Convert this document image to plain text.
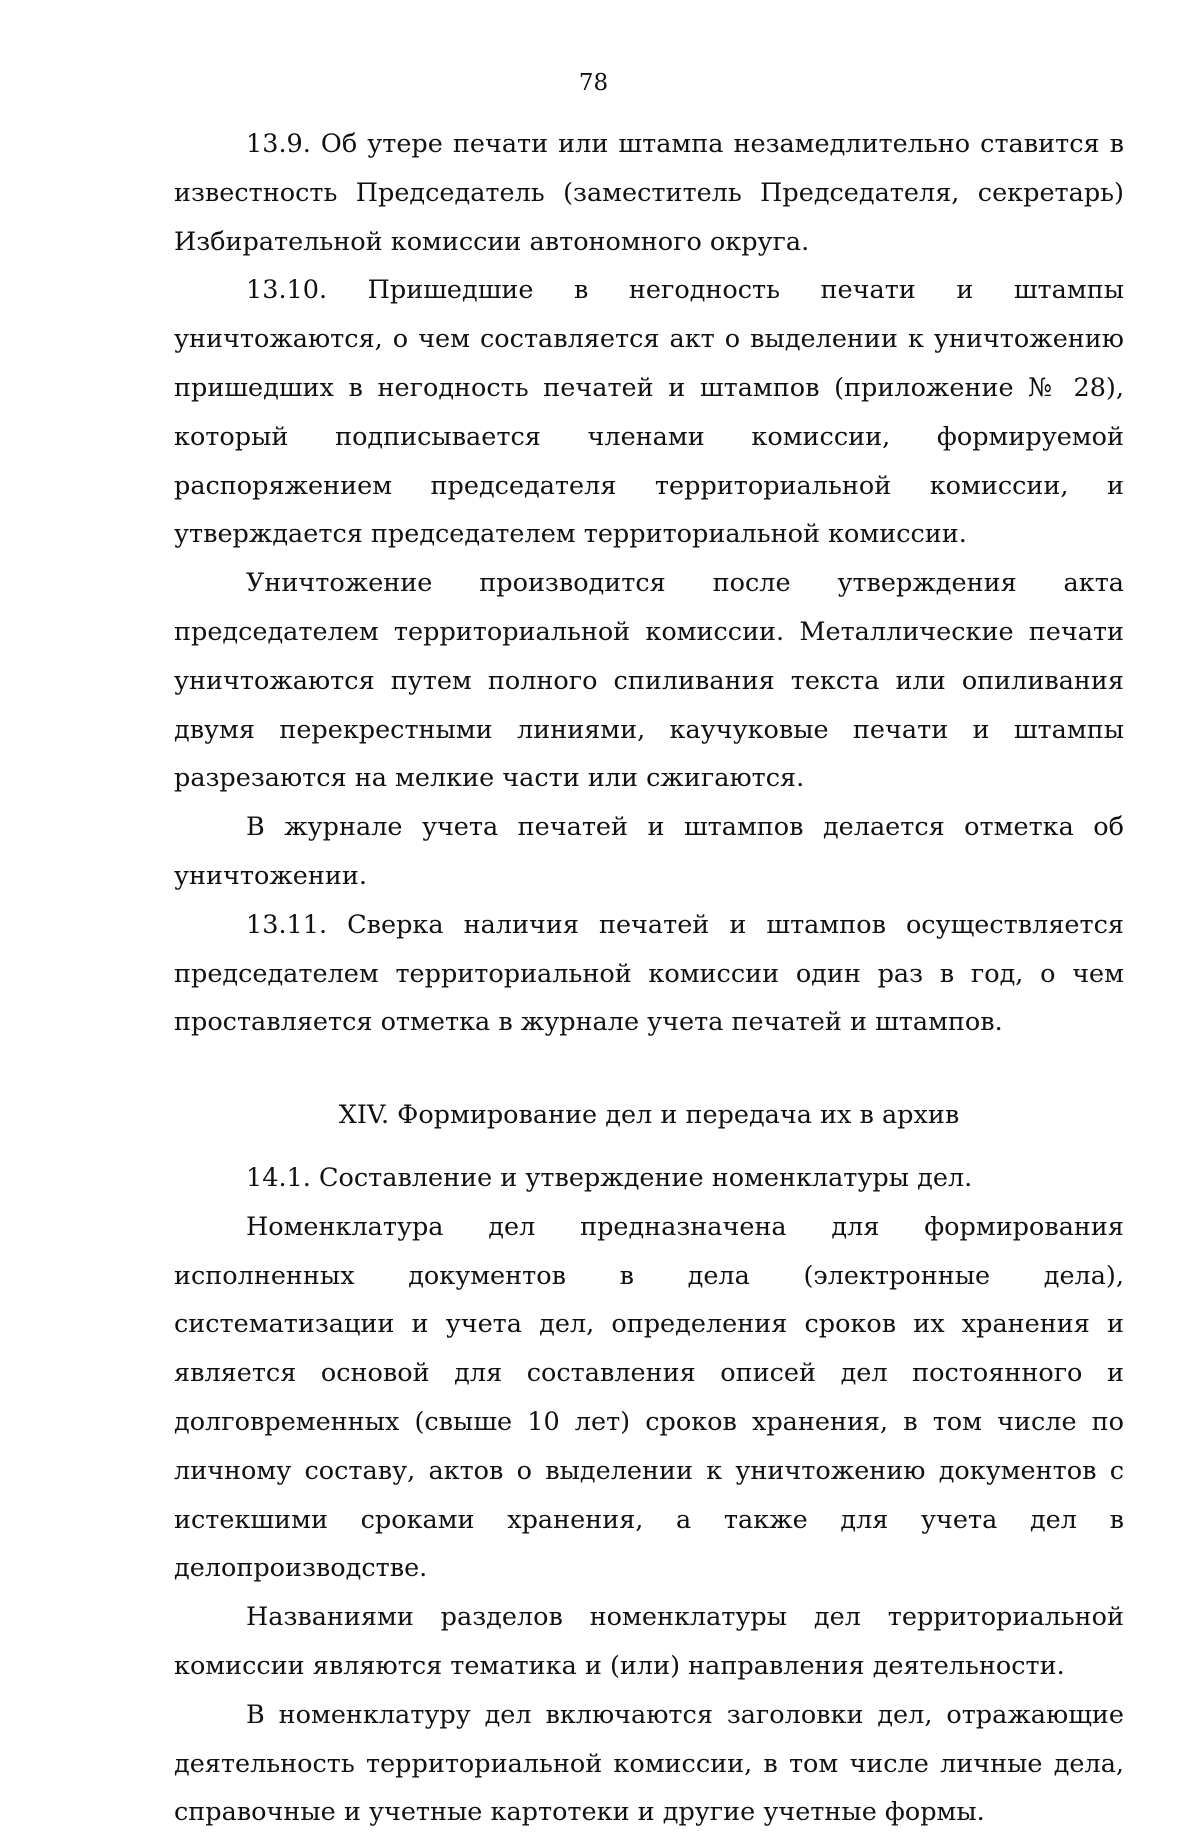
78

13.9. Об утере печати или штампа незамедлительно ставится в известность Председатель (заместитель Председателя, секретарь) Избирательной комиссии автономного округа.

13.10. Пришедшие в негодность печати и штампы уничтожаются, о чем составляется акт о выделении к уничтожению пришедших в негодность печатей и штампов (приложение № 28), который подписывается членами комиссии, формируемой распоряжением председателя территориальной комиссии, и утверждается председателем территориальной комиссии.

Уничтожение производится после утверждения акта председателем территориальной комиссии. Металлические печати уничтожаются путем полного спиливания текста или опиливания двумя перекрестными линиями, каучуковые печати и штампы разрезаются на мелкие части или сжигаются.

В журнале учета печатей и штампов делается отметка об уничтожении.

13.11. Сверка наличия печатей и штампов осуществляется председателем территориальной комиссии один раз в год, о чем проставляется отметка в журнале учета печатей и штампов.

XIV. Формирование дел и передача их в архив

14.1. Составление и утверждение номенклатуры дел.

Номенклатура дел предназначена для формирования исполненных документов в дела (электронные дела), систематизации и учета дел, определения сроков их хранения и является основой для составления описей дел постоянного и долговременных (свыше 10 лет) сроков хранения, в том числе по личному составу, актов о выделении к уничтожению документов с истекшими сроками хранения, а также для учета дел в делопроизводстве.

Названиями разделов номенклатуры дел территориальной комиссии являются тематика и (или) направления деятельности.

В номенклатуру дел включаются заголовки дел, отражающие деятельность территориальной комиссии, в том числе личные дела, справочные и учетные картотеки и другие учетные формы.
